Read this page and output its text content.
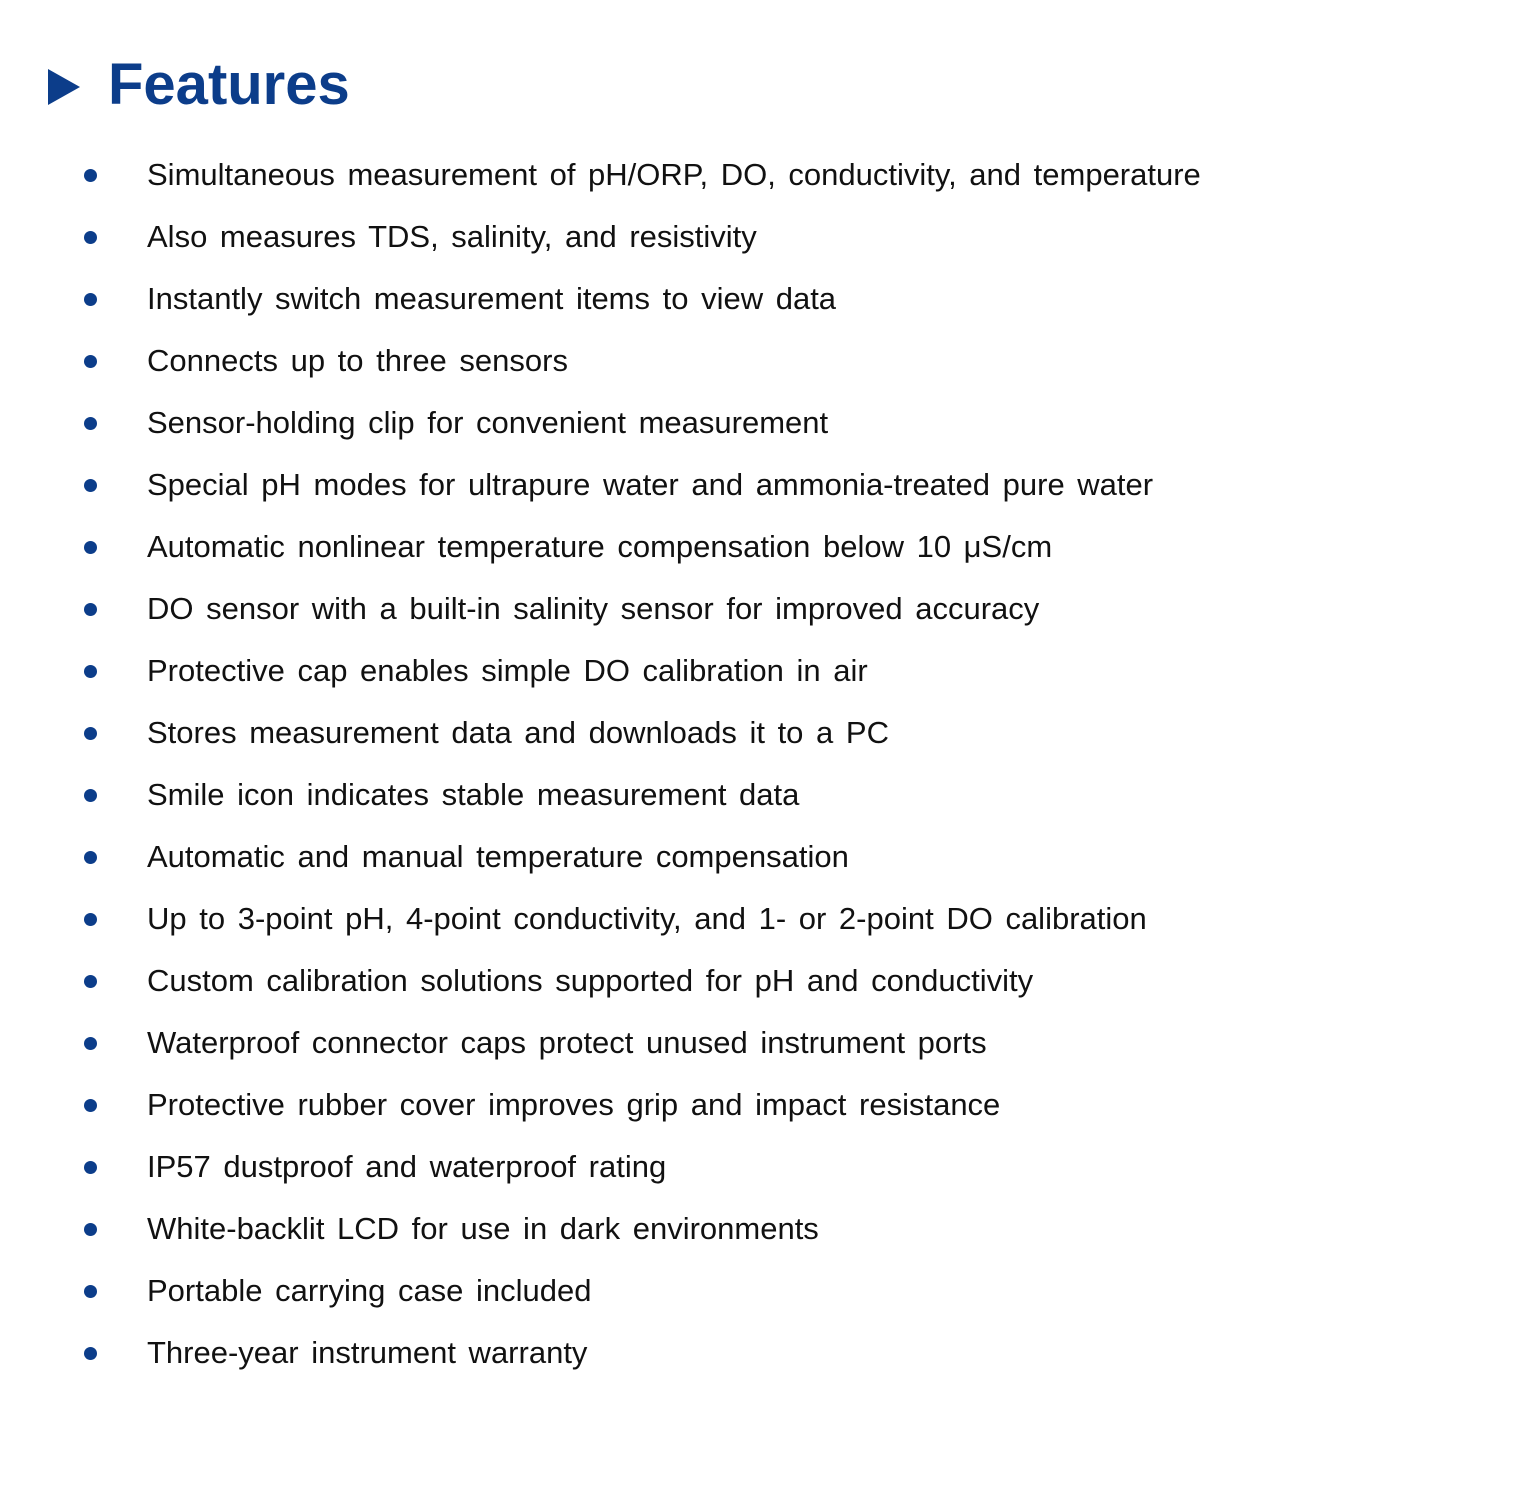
Features
Simultaneous measurement of pH/ORP, DO, conductivity, and temperature
Also measures TDS, salinity, and resistivity
Instantly switch measurement items to view data
Connects up to three sensors
Sensor-holding clip for convenient measurement
Special pH modes for ultrapure water and ammonia-treated pure water
Automatic nonlinear temperature compensation below 10 μS/cm
DO sensor with a built-in salinity sensor for improved accuracy
Protective cap enables simple DO calibration in air
Stores measurement data and downloads it to a PC
Smile icon indicates stable measurement data
Automatic and manual temperature compensation
Up to 3-point pH, 4-point conductivity, and 1- or 2-point DO calibration
Custom calibration solutions supported for pH and conductivity
Waterproof connector caps protect unused instrument ports
Protective rubber cover improves grip and impact resistance
IP57 dustproof and waterproof rating
White-backlit LCD for use in dark environments
Portable carrying case included
Three-year instrument warranty
